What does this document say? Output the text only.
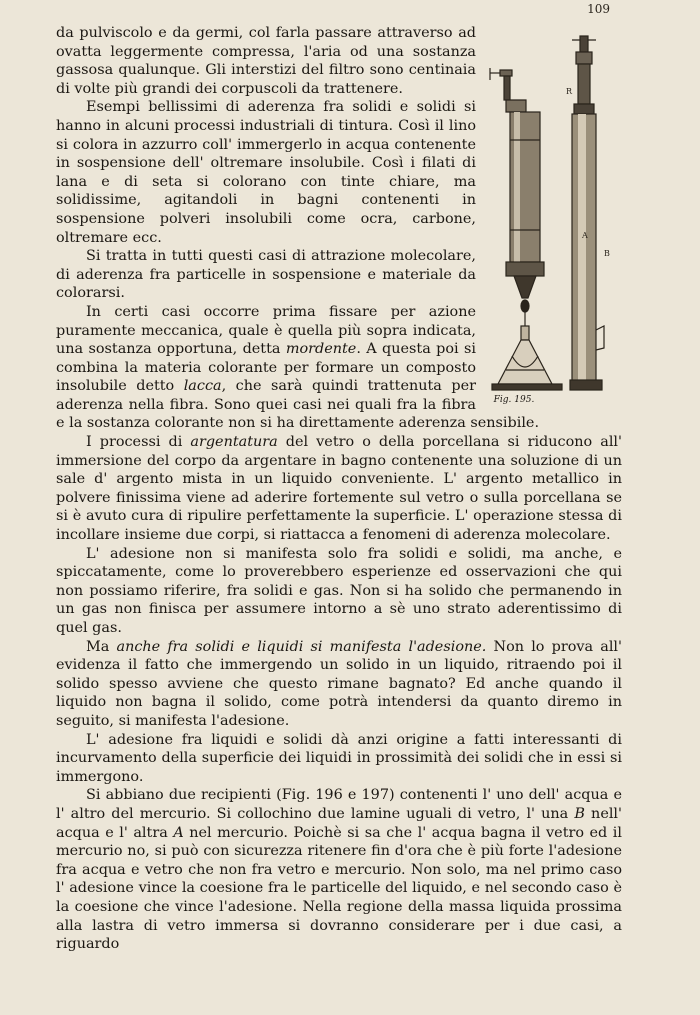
109
R
A
B
Fig. 195.

da pulviscolo e da germi, col farla passare attraverso ad ovatta leggermente compressa, l'aria od una sostanza gassosa qualunque. Gli interstizi del filtro sono centinaia di volte più grandi dei corpuscoli da trattenere.

Esempi bellissimi di aderenza fra solidi e solidi si hanno in alcuni processi industriali di tintura. Così il lino si colora in azzurro coll' immergerlo in acqua contenente in sospensione dell' oltremare insolubile. Così i filati di lana e di seta si colorano con tinte chiare, ma solidissime, agitandoli in bagni contenenti in sospensione polveri insolubili come ocra, carbone, oltremare ecc.

Si tratta in tutti questi casi di attrazione molecolare, di aderenza fra particelle in sospensione e materiale da colorarsi.

In certi casi occorre prima fissare per azione puramente meccanica, quale è quella più sopra indicata, una sostanza opportuna, detta mordente. A questa poi si combina la materia colorante per formare un composto insolubile detto lacca, che sarà quindi trattenuta per aderenza nella fibra. Sono quei casi nei quali fra la fibra e la sostanza colorante non si ha direttamente aderenza sensibile.

I processi di argentatura del vetro o della porcellana si riducono all' immersione del corpo da argentare in bagno contenente una soluzione di un sale d' argento mista in un liquido conveniente. L' argento metallico in polvere finissima viene ad aderire fortemente sul vetro o sulla porcellana se si è avuto cura di ripulire perfettamente la superficie. L' operazione stessa di incollare insieme due corpi, si riattacca a fenomeni di aderenza molecolare.

L' adesione non si manifesta solo fra solidi e solidi, ma anche, e spiccatamente, come lo proverebbero esperienze ed osservazioni che qui non possiamo riferire, fra solidi e gas. Non si ha solido che permanendo in un gas non finisca per assumere intorno a sè uno strato aderentissimo di quel gas.

Ma anche fra solidi e liquidi si manifesta l'adesione. Non lo prova all' evidenza il fatto che immergendo un solido in un liquido, ritraendo poi il solido spesso avviene che questo rimane bagnato? Ed anche quando il liquido non bagna il solido, come potrà intendersi da quanto diremo in seguito, si manifesta l'adesione.

L' adesione fra liquidi e solidi dà anzi origine a fatti interessanti di incurvamento della superficie dei liquidi in prossimità dei solidi che in essi si immergono.

Si abbiano due recipienti (Fig. 196 e 197) contenenti l' uno dell' acqua e l' altro del mercurio. Si collochino due lamine uguali di vetro, l' una B nell' acqua e l' altra A nel mercurio. Poichè si sa che l' acqua bagna il vetro ed il mercurio no, si può con sicurezza ritenere fin d'ora che è più forte l'adesione fra acqua e vetro che non fra vetro e mercurio. Non solo, ma nel primo caso l' adesione vince la coesione fra le particelle del liquido, e nel secondo caso è la coesione che vince l'adesione. Nella regione della massa liquida prossima alla lastra di vetro immersa si dovranno considerare per i due casi, a riguardo
